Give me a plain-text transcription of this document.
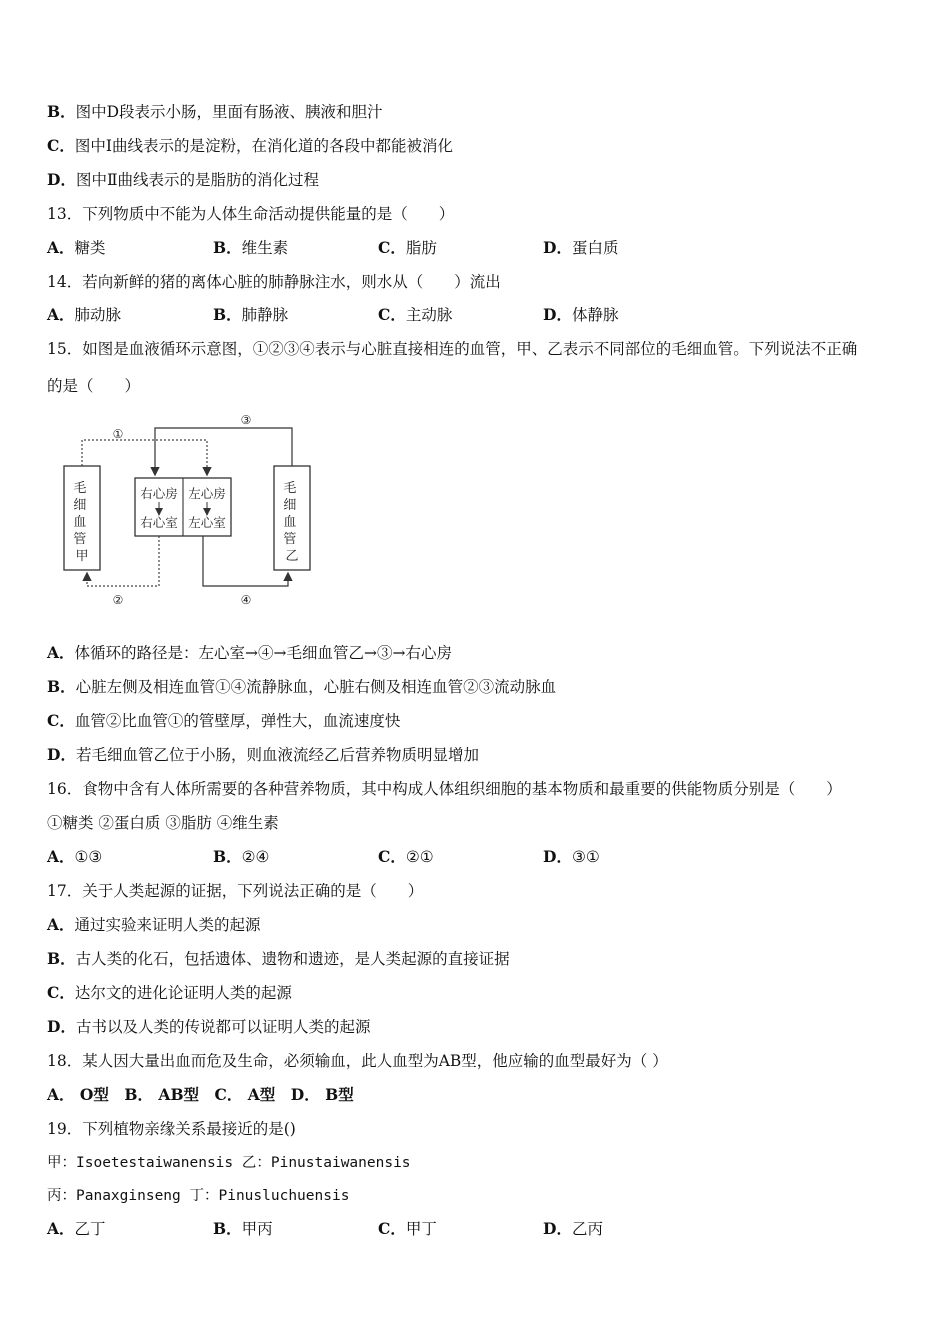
B．图中D段表示小肠，里面有肠液、胰液和胆汁
C．图中Ⅰ曲线表示的是淀粉，在消化道的各段中都能被消化
D．图中Ⅱ曲线表示的是脂肪的消化过程
13．下列物质中不能为人体生命活动提供能量的是（　　）
A．糖类	B．维生素	C．脂肪	D．蛋白质
14．若向新鲜的猪的离体心脏的肺静脉注水，则水从（　　）流出
A．肺动脉	B．肺静脉	C．主动脉	D．体静脉
15．如图是血液循环示意图，①②③④表示与心脏直接相连的血管，甲、乙表示不同部位的毛细血管。下列说法不正确
的是（　　）
毛 细 血 管 甲
毛 细 血 管 乙
右心房 左心房
右心室 左心室
①
③
②	④
A．体循环的路径是：左心室→④→毛细血管乙→③→右心房
B．心脏左侧及相连血管①④流静脉血，心脏右侧及相连血管②③流动脉血
C．血管②比血管①的管壁厚，弹性大，血流速度快
D．若毛细血管乙位于小肠，则血液流经乙后营养物质明显增加
16．食物中含有人体所需要的各种营养物质，其中构成人体组织细胞的基本物质和最重要的供能物质分别是（　　）
①糖类 ②蛋白质 ③脂肪 ④维生素
A．①③	B．②④	C．②①	D．③①
17．关于人类起源的证据，下列说法正确的是（　　）
A．通过实验来证明人类的起源
B．古人类的化石，包括遗体、遗物和遗迹，是人类起源的直接证据
C．达尔文的进化论证明人类的起源
D．古书以及人类的传说都可以证明人类的起源
18．某人因大量出血而危及生命，必须输血，此人血型为AB型，他应输的血型最好为（ ）
A． O型　B． AB型　C． A型　D． B型
19．下列植物亲缘关系最接近的是()
甲：Isoetestaiwanensis 乙：Pinustaiwanensis
丙：Panaxginseng 丁：Pinusluchuensis
A．乙丁	B．甲丙	C．甲丁	D．乙丙
